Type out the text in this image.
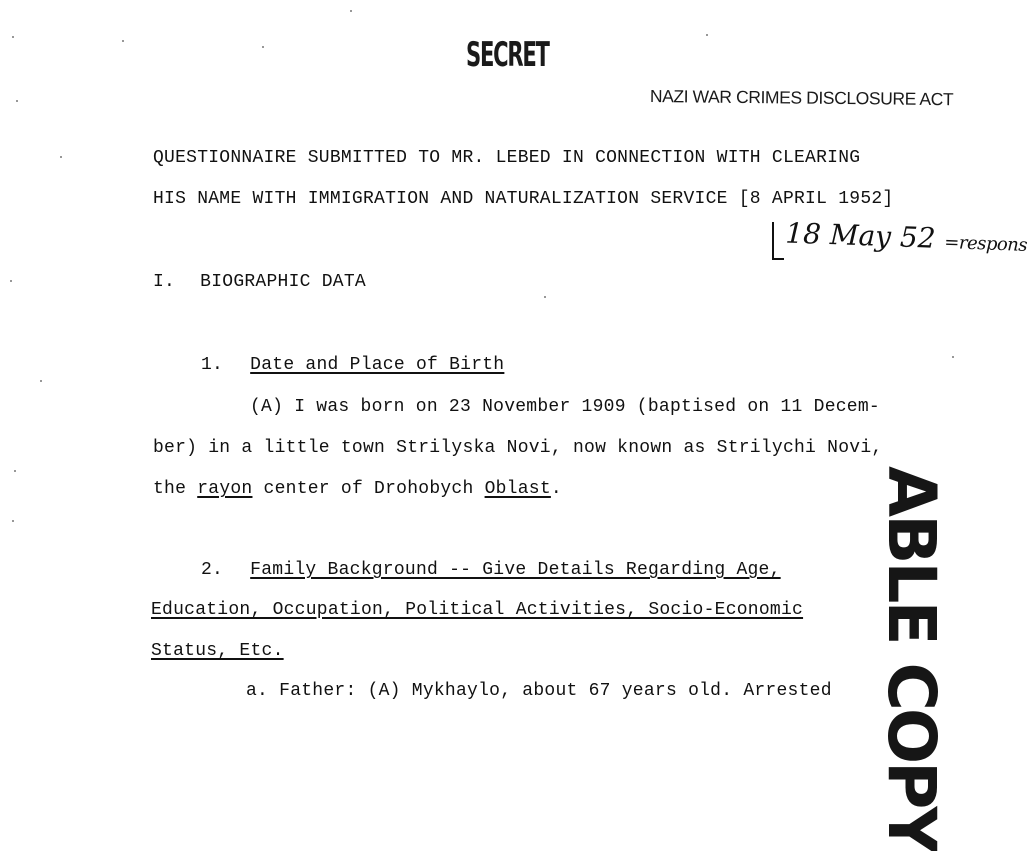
SECRET
NAZI WAR CRIMES DISCLOSURE ACT
QUESTIONNAIRE SUBMITTED TO MR. LEBED IN CONNECTION WITH CLEARING
HIS NAME WITH IMMIGRATION AND NATURALIZATION SERVICE [8 APRIL 1952]
18 May 52 =respons
I. BIOGRAPHIC DATA
1. Date and Place of Birth
(A) I was born on 23 November 1909 (baptised on 11 Decem-
ber) in a little town Strilyska Novi, now known as Strilychi Novi,
the rayon center of Drohobych Oblast.
2. Family Background -- Give Details Regarding Age,
Education, Occupation, Political Activities, Socio-Economic
Status, Etc.
a. Father: (A) Mykhaylo, about 67 years old. Arrested ABLE COPY
